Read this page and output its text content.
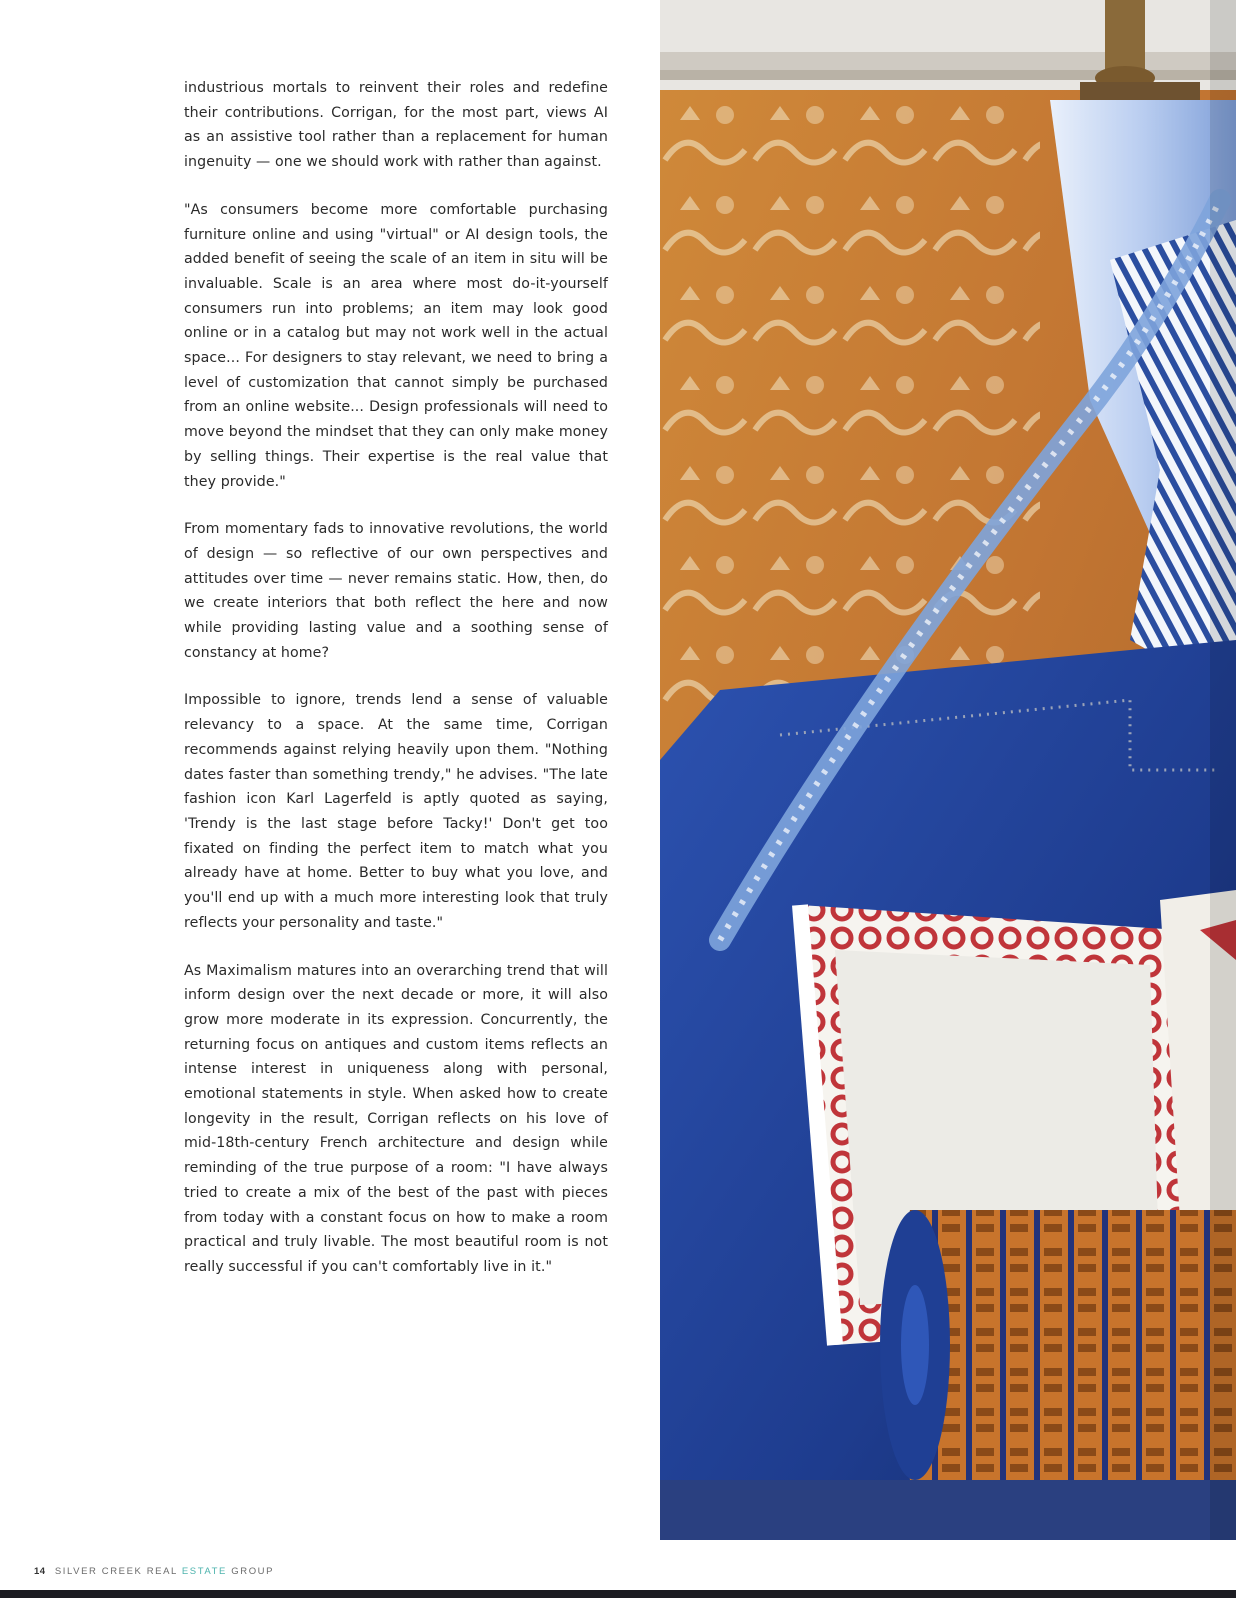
industrious mortals to reinvent their roles and redefine their contributions. Corrigan, for the most part, views AI as an assistive tool rather than a replacement for human ingenuity — one we should work with rather than against.

"As consumers become more comfortable purchasing furniture online and using "virtual" or AI design tools, the added benefit of seeing the scale of an item in situ will be invaluable. Scale is an area where most do-it-yourself consumers run into problems; an item may look good online or in a catalog but may not work well in the actual space... For designers to stay relevant, we need to bring a level of customization that cannot simply be purchased from an online website... Design professionals will need to move beyond the mindset that they can only make money by selling things. Their expertise is the real value that they provide."

From momentary fads to innovative revolutions, the world of design — so reflective of our own perspectives and attitudes over time — never remains static. How, then, do we create interiors that both reflect the here and now while providing lasting value and a soothing sense of constancy at home?

Impossible to ignore, trends lend a sense of valuable relevancy to a space. At the same time, Corrigan recommends against relying heavily upon them. "Nothing dates faster than something trendy," he advises. "The late fashion icon Karl Lagerfeld is aptly quoted as saying, 'Trendy is the last stage before Tacky!' Don't get too fixated on finding the perfect item to match what you already have at home. Better to buy what you love, and you'll end up with a much more interesting look that truly reflects your personality and taste."

As Maximalism matures into an overarching trend that will inform design over the next decade or more, it will also grow more moderate in its expression. Concurrently, the returning focus on antiques and custom items reflects an intense interest in uniqueness along with personal, emotional statements in style. When asked how to create longevity in the result, Corrigan reflects on his love of mid-18th-century French architecture and design while reminding of the true purpose of a room: "I have always tried to create a mix of the best of the past with pieces from today with a constant focus on how to make a room practical and truly livable. The most beautiful room is not really successful if you can't comfortably live in it."

14 SILVER CREEK REAL ESTATE GROUP
